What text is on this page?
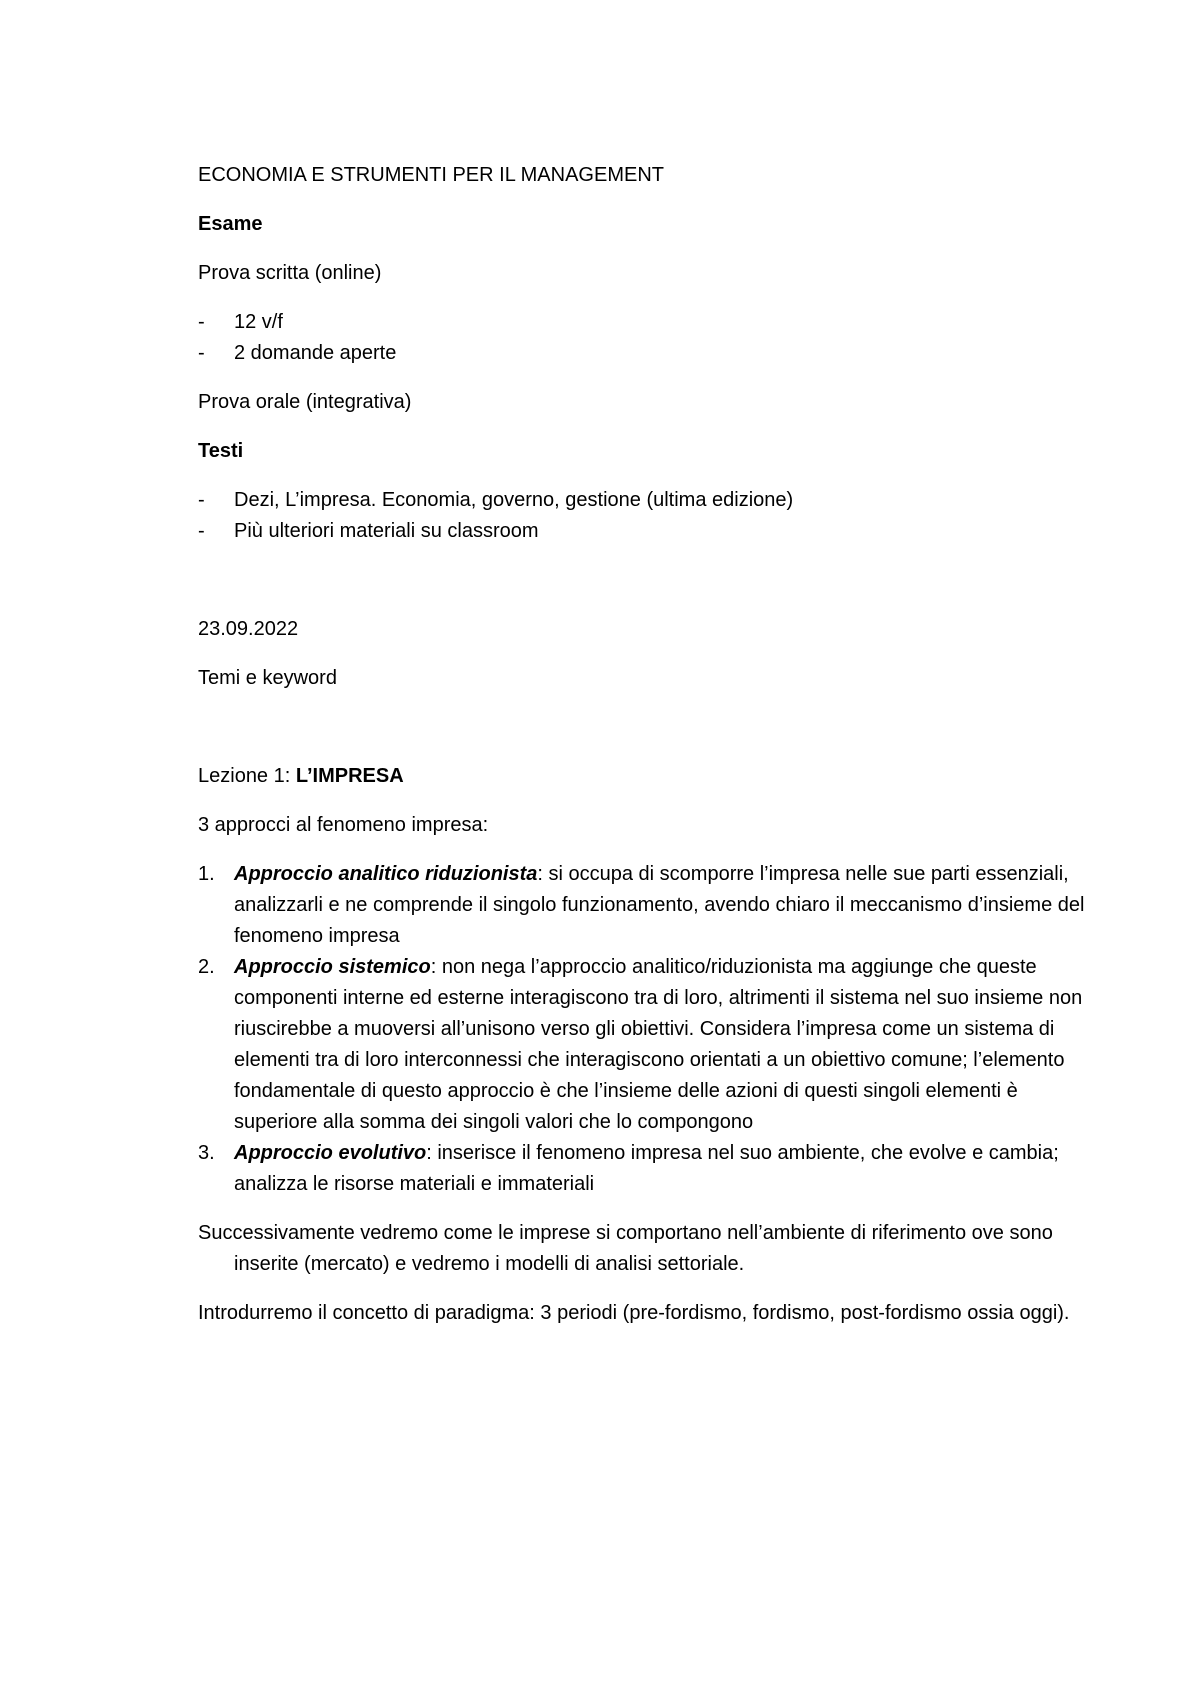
ECONOMIA E STRUMENTI PER IL MANAGEMENT

Esame

Prova scritta (online)

- 12 v/f
- 2 domande aperte

Prova orale (integrativa)

Testi

- Dezi, L’impresa. Economia, governo, gestione (ultima edizione)
- Più ulteriori materiali su classroom

23.09.2022

Temi e keyword

Lezione 1: L’IMPRESA

3 approcci al fenomeno impresa:

1. Approccio analitico riduzionista: si occupa di scomporre l’impresa nelle sue parti essenziali, analizzarli e ne comprende il singolo funzionamento, avendo chiaro il meccanismo d’insieme del fenomeno impresa
2. Approccio sistemico: non nega l’approccio analitico/riduzionista ma aggiunge che queste componenti interne ed esterne interagiscono tra di loro, altrimenti il sistema nel suo insieme non riuscirebbe a muoversi all’unisono verso gli obiettivi. Considera l’impresa come un sistema di elementi tra di loro interconnessi che interagiscono orientati a un obiettivo comune; l’elemento fondamentale di questo approccio è che l’insieme delle azioni di questi singoli elementi è superiore alla somma dei singoli valori che lo compongono
3. Approccio evolutivo: inserisce il fenomeno impresa nel suo ambiente, che evolve e cambia; analizza le risorse materiali e immateriali

Successivamente vedremo come le imprese si comportano nell’ambiente di riferimento ove sono inserite (mercato) e vedremo i modelli di analisi settoriale.

Introdurremo il concetto di paradigma: 3 periodi (pre-fordismo, fordismo, post-fordismo ossia oggi).
